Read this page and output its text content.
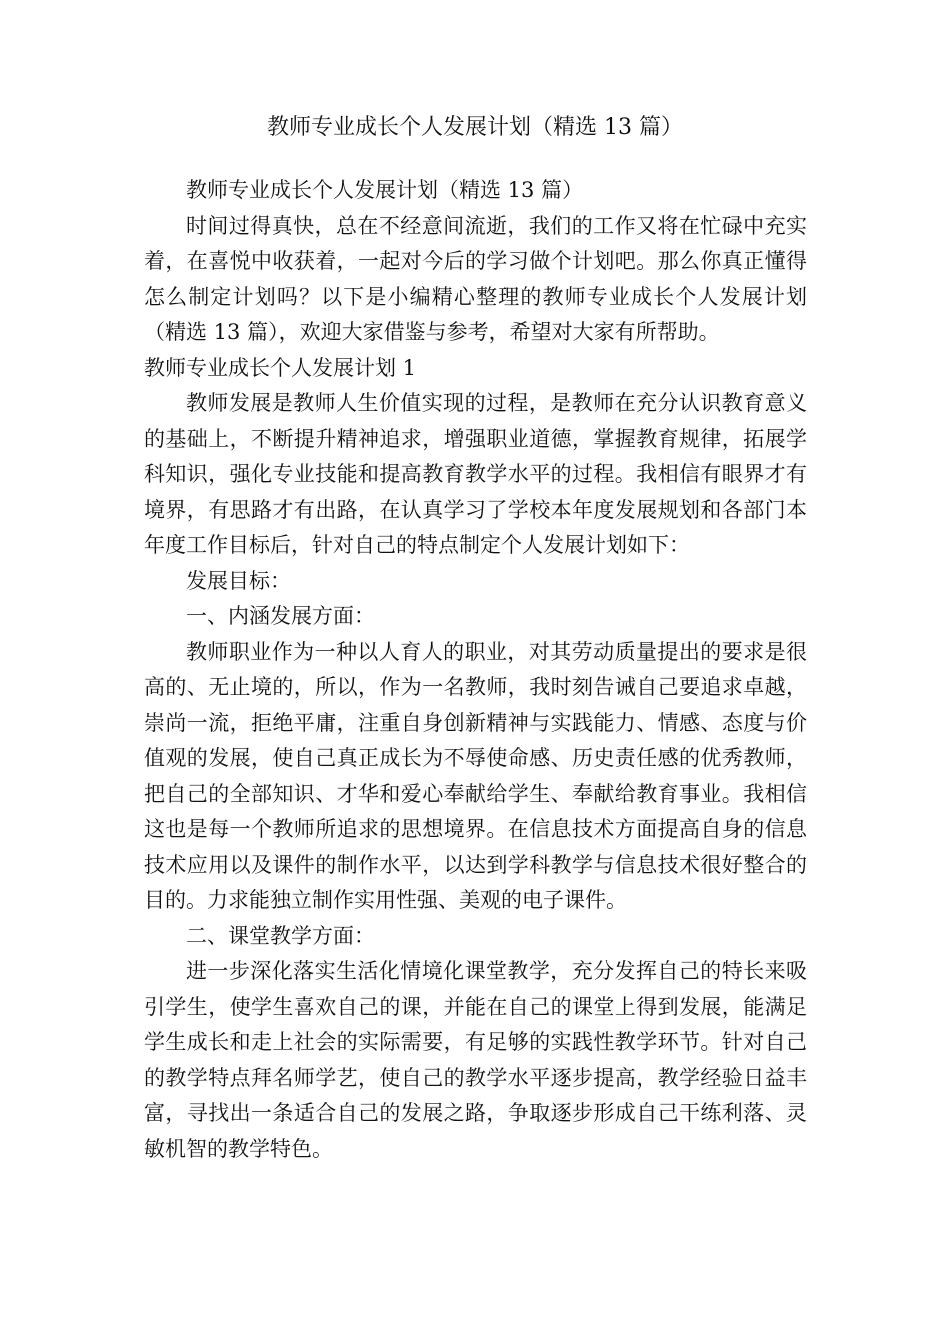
教师专业成长个人发展计划（精选 13 篇）

教师专业成长个人发展计划（精选 13 篇）

时间过得真快，总在不经意间流逝，我们的工作又将在忙碌中充实着，在喜悦中收获着，一起对今后的学习做个计划吧。那么你真正懂得怎么制定计划吗？以下是小编精心整理的教师专业成长个人发展计划（精选 13 篇），欢迎大家借鉴与参考，希望对大家有所帮助。

教师专业成长个人发展计划 1

教师发展是教师人生价值实现的过程，是教师在充分认识教育意义的基础上，不断提升精神追求，增强职业道德，掌握教育规律，拓展学科知识，强化专业技能和提高教育教学水平的过程。我相信有眼界才有境界，有思路才有出路，在认真学习了学校本年度发展规划和各部门本年度工作目标后，针对自己的特点制定个人发展计划如下：

发展目标：

一、内涵发展方面：

教师职业作为一种以人育人的职业，对其劳动质量提出的要求是很高的、无止境的，所以，作为一名教师，我时刻告诫自己要追求卓越，崇尚一流，拒绝平庸，注重自身创新精神与实践能力、情感、态度与价值观的发展，使自己真正成长为不辱使命感、历史责任感的优秀教师，把自己的全部知识、才华和爱心奉献给学生、奉献给教育事业。我相信这也是每一个教师所追求的思想境界。在信息技术方面提高自身的信息技术应用以及课件的制作水平，以达到学科教学与信息技术很好整合的目的。力求能独立制作实用性强、美观的电子课件。

二、课堂教学方面：

进一步深化落实生活化情境化课堂教学，充分发挥自己的特长来吸引学生，使学生喜欢自己的课，并能在自己的课堂上得到发展，能满足学生成长和走上社会的实际需要，有足够的实践性教学环节。针对自己的教学特点拜名师学艺，使自己的教学水平逐步提高，教学经验日益丰富，寻找出一条适合自己的发展之路，争取逐步形成自己干练利落、灵敏机智的教学特色。
